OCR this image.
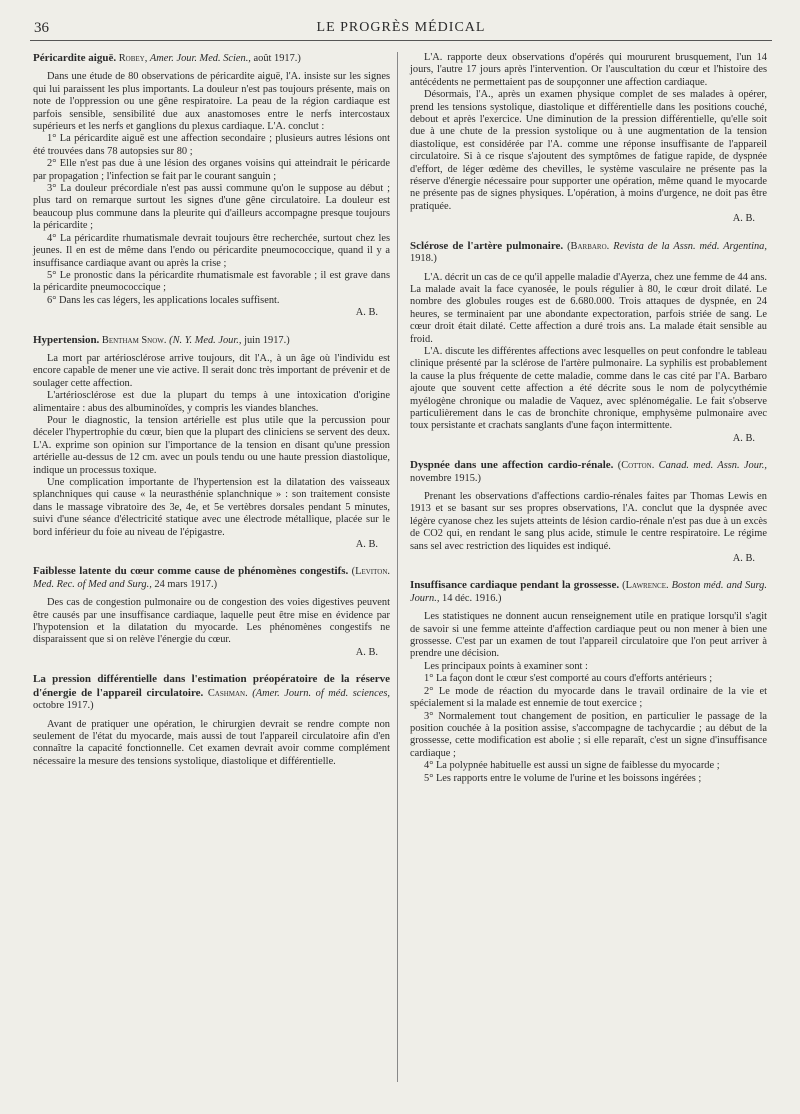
36	LE PROGRÈS MÉDICAL

Péricardite aiguë. Robey, Amer. Jour. Med. Scien., août 1917.)

Dans une étude de 80 observations de péricardite aiguë, l'A. insiste sur les signes qui lui paraissent les plus importants. La douleur n'est pas toujours présente, mais on note de l'oppression ou une gêne respiratoire. La peau de la région cardiaque est parfois sensible, sensibilité due aux anastomoses entre le nerfs intercostaux supérieurs et les nerfs et ganglions du plexus cardiaque. L'A. conclut :

1° La péricardite aiguë est une affection secondaire ; plusieurs autres lésions ont été trouvées dans 78 autopsies sur 80 ;

2° Elle n'est pas due à une lésion des organes voisins qui atteindrait le péricarde par propagation ; l'infection se fait par le courant sanguin ;

3° La douleur précordiale n'est pas aussi commune qu'on le suppose au début ; plus tard on remarque surtout les signes d'une gêne circulatoire. La douleur est beaucoup plus commune dans la pleurite qui d'ailleurs accompagne presque toujours la péricardite ;

4° La péricardite rhumatismale devrait toujours être recherchée, surtout chez les jeunes. Il en est de même dans l'endo ou péricardite pneumococcique, quand il y a insuffisance cardiaque avant ou après la crise ;

5° Le pronostic dans la péricardite rhumatismale est favorable ; il est grave dans la péricardite pneumococcique ;

6° Dans les cas légers, les applications locales suffisent.

A. B.

Hypertension. Bentham Snow. (N. Y. Med. Jour., juin 1917.)

La mort par artériosclérose arrive toujours, dit l'A., à un âge où l'individu est encore capable de mener une vie active. Il serait donc très important de prévenir et de soulager cette affection.

L'artériosclérose est due la plupart du temps à une intoxication d'origine alimentaire : abus des albuminoïdes, y compris les viandes blanches.

Pour le diagnostic, la tension artérielle est plus utile que la percussion pour déceler l'hypertrophie du cœur, bien que la plupart des cliniciens se servent des deux. L'A. exprime son opinion sur l'importance de la tension en disant qu'une pression artérielle au-dessus de 12 cm. avec un pouls tendu ou une haute pression diastolique, indique un processus toxique.

Une complication importante de l'hypertension est la dilatation des vaisseaux splanchniques qui cause « la neurasthénie splanchnique » : son traitement consiste dans le massage vibratoire des 3e, 4e, et 5e vertèbres dorsales pendant 5 minutes, suivi d'une séance d'électricité statique avec une électrode métallique, placée sur le bord inférieur du foie au niveau de l'épigastre.

A. B.

Faiblesse latente du cœur comme cause de phénomènes congestifs. (Leviton. Med. Rec. of Med and Surg., 24 mars 1917.)

Des cas de congestion pulmonaire ou de congestion des voies digestives peuvent être causés par une insuffisance cardiaque, laquelle peut être mise en évidence par l'hypotension et la dilatation du myocarde. Les phénomènes congestifs ne disparaissent que si on relève l'énergie du cœur.

A. B.

La pression différentielle dans l'estimation préopératoire de la réserve d'énergie de l'appareil circulatoire. Cashman. (Amer. Journ. of méd. sciences, octobre 1917.)

Avant de pratiquer une opération, le chirurgien devrait se rendre compte non seulement de l'état du myocarde, mais aussi de tout l'appareil circulatoire afin d'en connaître la capacité fonctionnelle. Cet examen devrait avoir comme complément nécessaire la mesure des tensions systolique, diastolique et différentielle.

L'A. rapporte deux observations d'opérés qui moururent brusquement, l'un 14 jours, l'autre 17 jours après l'intervention. Or l'auscultation du cœur et l'histoire des antécédents ne permettaient pas de soupçonner une affection cardiaque.

Désormais, l'A., après un examen physique complet de ses malades à opérer, prend les tensions systolique, diastolique et différentielle dans les positions couché, debout et après l'exercice. Une diminution de la pression différentielle, qu'elle soit due à une chute de la pression systolique ou à une augmentation de la tension diastolique, est considérée par l'A. comme une réponse insuffisante de l'appareil circulatoire. Si à ce risque s'ajoutent des symptômes de fatigue rapide, de dyspnée d'effort, de léger œdème des chevilles, le système vasculaire ne présente pas la réserve d'énergie nécessaire pour supporter une opération, même quand le myocarde ne présente pas de signes physiques. L'opération, à moins d'urgence, ne doit pas être pratiquée.

A. B.

Sclérose de l'artère pulmonaire. (Barbaro. Revista de la Assn. méd. Argentina, 1918.)

L'A. décrit un cas de ce qu'il appelle maladie d'Ayerza, chez une femme de 44 ans. La malade avait la face cyanosée, le pouls régulier à 80, le cœur droit dilaté. Le nombre des globules rouges est de 6.680.000. Trois attaques de dyspnée, en 24 heures, se terminaient par une abondante expectoration, parfois striée de sang. Le cœur droit était dilaté. Cette affection a duré trois ans. La malade était sensible au froid.

L'A. discute les différentes affections avec lesquelles on peut confondre le tableau clinique présenté par la sclérose de l'artère pulmonaire. La syphilis est probablement la cause la plus fréquente de cette maladie, comme dans le cas cité par l'A. Barbaro ajoute que souvent cette affection a été décrite sous le nom de polycythémie myélogène chronique ou maladie de Vaquez, avec splénomégalie. Le fait s'observe particulièrement dans le cas de bronchite chronique, emphysème pulmonaire avec toux persistante et crachats sanglants d'une façon intermittente.

A. B.

Dyspnée dans une affection cardio-rénale. (Cotton. Canad. med. Assn. Jour., novembre 1915.)

Prenant les observations d'affections cardio-rénales faites par Thomas Lewis en 1913 et se basant sur ses propres observations, l'A. conclut que la dyspnée avec légère cyanose chez les sujets atteints de lésion cardio-rénale n'est pas due à un excès de CO2 qui, en rendant le sang plus acide, stimule le centre respiratoire. Le régime sans sel avec restriction des liquides est indiqué.

A. B.

Insuffisance cardiaque pendant la grossesse. (Lawrence. Boston méd. and Surg. Journ., 14 déc. 1916.)

Les statistiques ne donnent aucun renseignement utile en pratique lorsqu'il s'agit de savoir si une femme atteinte d'affection cardiaque peut ou non mener à bien une grossesse. C'est par un examen de tout l'appareil circulatoire que l'on peut arriver à prendre une décision.

Les principaux points à examiner sont :

1° La façon dont le cœur s'est comporté au cours d'efforts antérieurs ;

2° Le mode de réaction du myocarde dans le travail ordinaire de la vie et spécialement si la malade est ennemie de tout exercice ;

3° Normalement tout changement de position, en particulier le passage de la position couchée à la position assise, s'accompagne de tachycardie ; au début de la grossesse, cette modification est abolie ; si elle reparaît, c'est un signe d'insuffisance cardiaque ;

4° La polypnée habituelle est aussi un signe de faiblesse du myocarde ;

5° Les rapports entre le volume de l'urine et les boissons ingérées ;
